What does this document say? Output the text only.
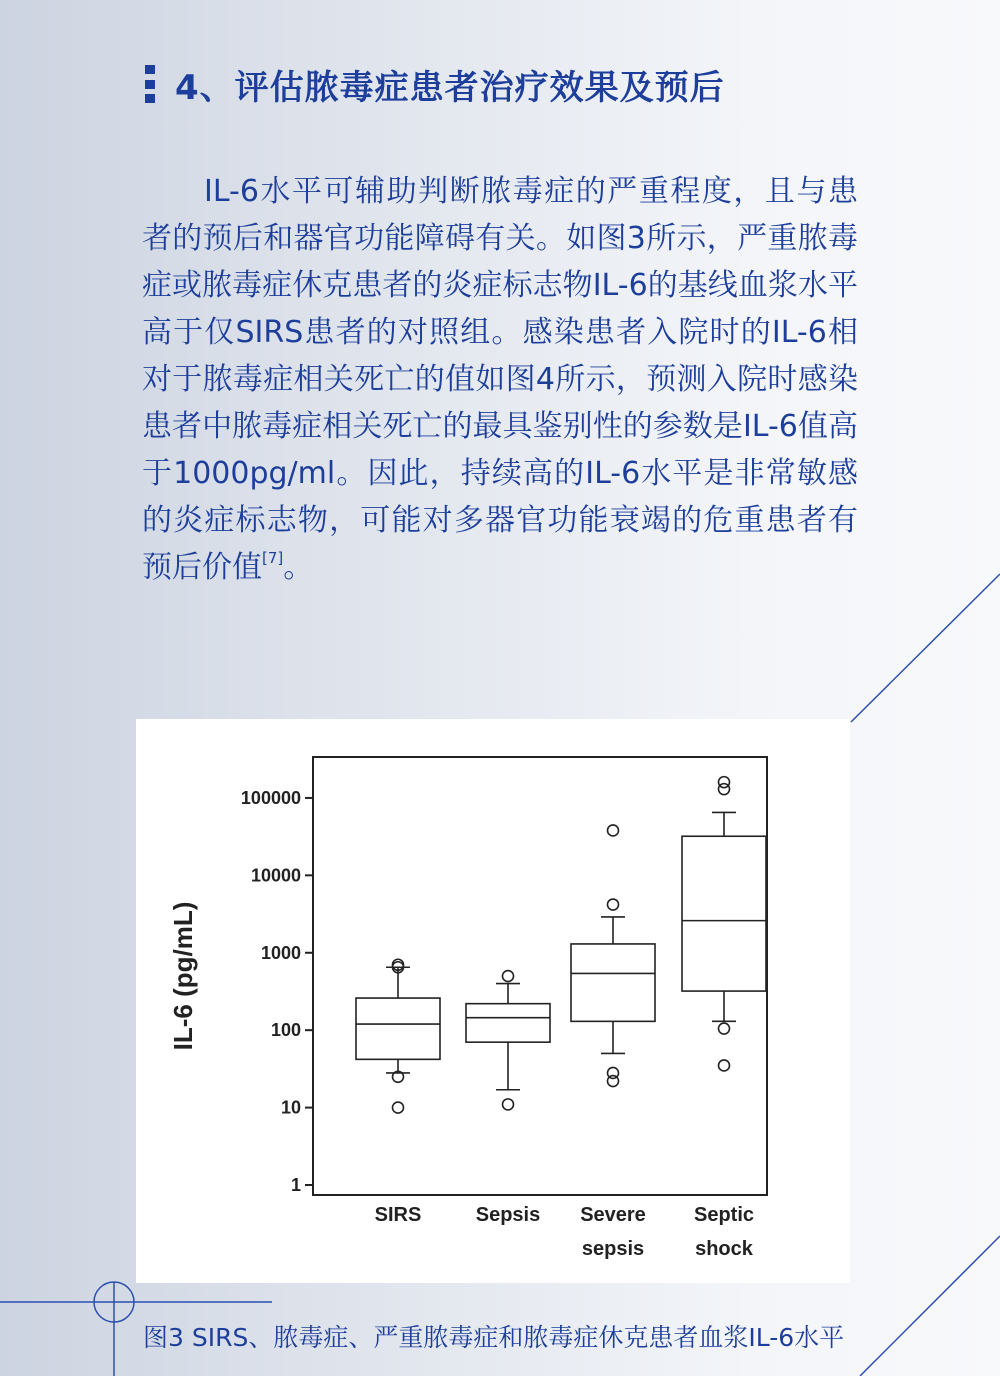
4、评估脓毒症患者治疗效果及预后

IL-6水平可辅助判断脓毒症的严重程度，且与患者的预后和器官功能障碍有关。如图3所示，严重脓毒症或脓毒症休克患者的炎症标志物IL-6的基线血浆水平高于仅SIRS患者的对照组。感染患者入院时的IL-6相对于脓毒症相关死亡的值如图4所示，预测入院时感染患者中脓毒症相关死亡的最具鉴别性的参数是IL-6值高于1000pg/ml。因此，持续高的IL-6水平是非常敏感的炎症标志物，可能对多器官功能衰竭的危重患者有预后价值[7]。

1
10
100
1000
10000
100000
IL-6 (pg/mL)
SIRS	Sepsis Severe
sepsis
Septic
shock

图3 SIRS、脓毒症、严重脓毒症和脓毒症休克患者血浆IL-6水平
